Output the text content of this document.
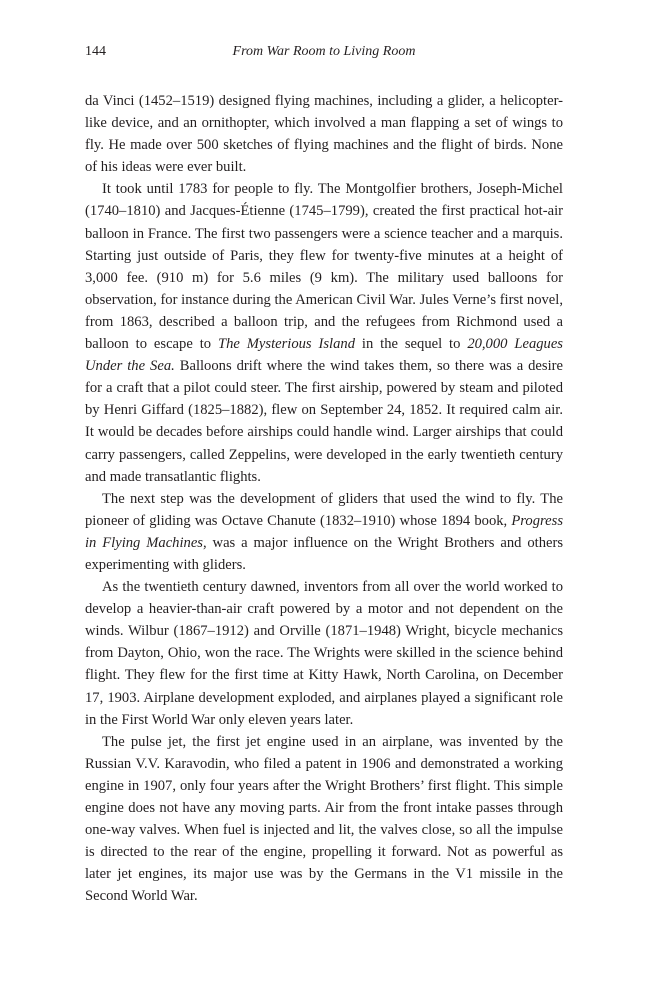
144	From War Room to Living Room

da Vinci (1452–1519) designed flying machines, including a glider, a helicopter-like device, and an ornithopter, which involved a man flapping a set of wings to fly. He made over 500 sketches of flying machines and the flight of birds. None of his ideas were ever built.

It took until 1783 for people to fly. The Montgolfier brothers, Joseph-Michel (1740–1810) and Jacques-Étienne (1745–1799), created the first practical hot-air balloon in France. The first two passengers were a science teacher and a marquis. Starting just outside of Paris, they flew for twenty-five minutes at a height of 3,000 fee. (910 m) for 5.6 miles (9 km). The military used balloons for observation, for instance during the American Civil War. Jules Verne’s first novel, from 1863, described a balloon trip, and the refugees from Richmond used a balloon to escape to The Mysterious Island in the sequel to 20,000 Leagues Under the Sea. Balloons drift where the wind takes them, so there was a desire for a craft that a pilot could steer. The first airship, powered by steam and piloted by Henri Giffard (1825–1882), flew on September 24, 1852. It required calm air. It would be decades before airships could handle wind. Larger airships that could carry passengers, called Zeppelins, were developed in the early twentieth century and made transatlantic flights.

The next step was the development of gliders that used the wind to fly. The pioneer of gliding was Octave Chanute (1832–1910) whose 1894 book, Progress in Flying Machines, was a major influence on the Wright Brothers and others experimenting with gliders.

As the twentieth century dawned, inventors from all over the world worked to develop a heavier-than-air craft powered by a motor and not dependent on the winds. Wilbur (1867–1912) and Orville (1871–1948) Wright, bicycle mechanics from Dayton, Ohio, won the race. The Wrights were skilled in the science behind flight. They flew for the first time at Kitty Hawk, North Carolina, on December 17, 1903. Airplane development exploded, and airplanes played a significant role in the First World War only eleven years later.

The pulse jet, the first jet engine used in an airplane, was invented by the Russian V.V. Karavodin, who filed a patent in 1906 and demonstrated a working engine in 1907, only four years after the Wright Brothers’ first flight. This simple engine does not have any moving parts. Air from the front intake passes through one-way valves. When fuel is injected and lit, the valves close, so all the impulse is directed to the rear of the engine, propelling it forward. Not as powerful as later jet engines, its major use was by the Germans in the V1 missile in the Second World War.
